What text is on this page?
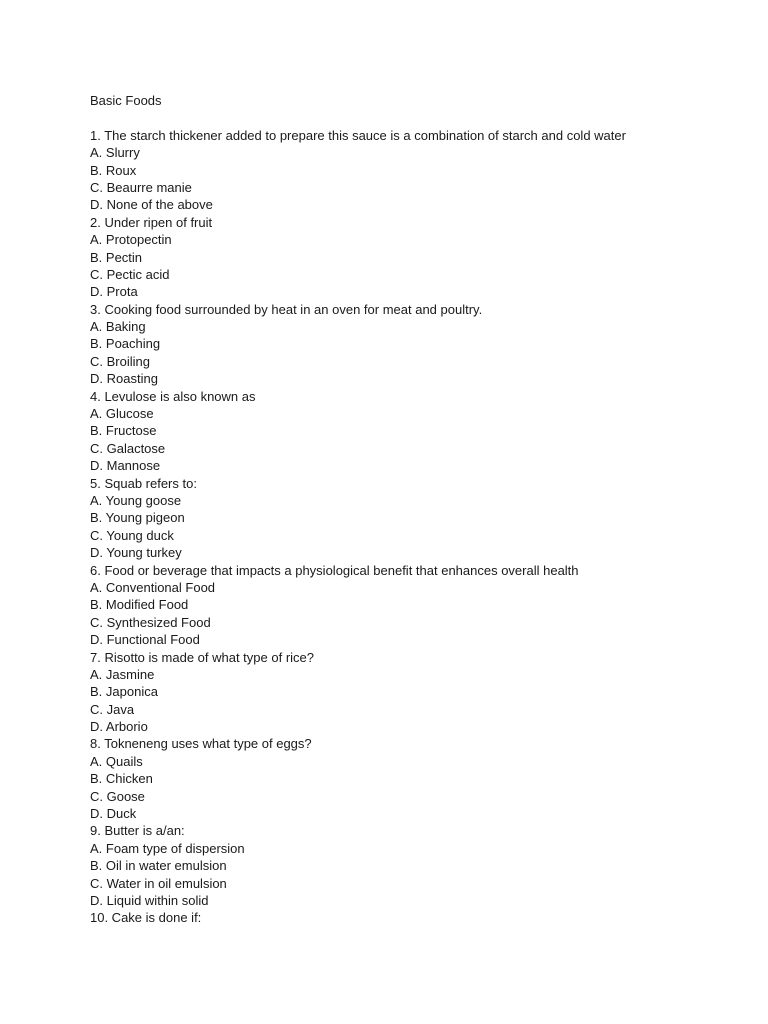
Basic Foods
1. The starch thickener added to prepare this sauce is a combination of starch and cold water
A. Slurry
B. Roux
C. Beaurre manie
D. None of the above
2. Under ripen of fruit
A. Protopectin
B. Pectin
C. Pectic acid
D. Prota
3. Cooking food surrounded by heat in an oven for meat and poultry.
A. Baking
B. Poaching
C. Broiling
D. Roasting
4. Levulose is also known as
A. Glucose
B. Fructose
C. Galactose
D. Mannose
5. Squab refers to:
A. Young goose
B. Young pigeon
C. Young duck
D. Young turkey
6. Food or beverage that impacts a physiological benefit that enhances overall health
A. Conventional Food
B. Modified Food
C. Synthesized Food
D. Functional Food
7. Risotto is made of what type of rice?
A. Jasmine
B. Japonica
C. Java
D. Arborio
8. Tokneneng uses what type of eggs?
A. Quails
B. Chicken
C. Goose
D. Duck
9. Butter is a/an:
A. Foam type of dispersion
B. Oil in water emulsion
C. Water in oil emulsion
D. Liquid within solid
10. Cake is done if:
